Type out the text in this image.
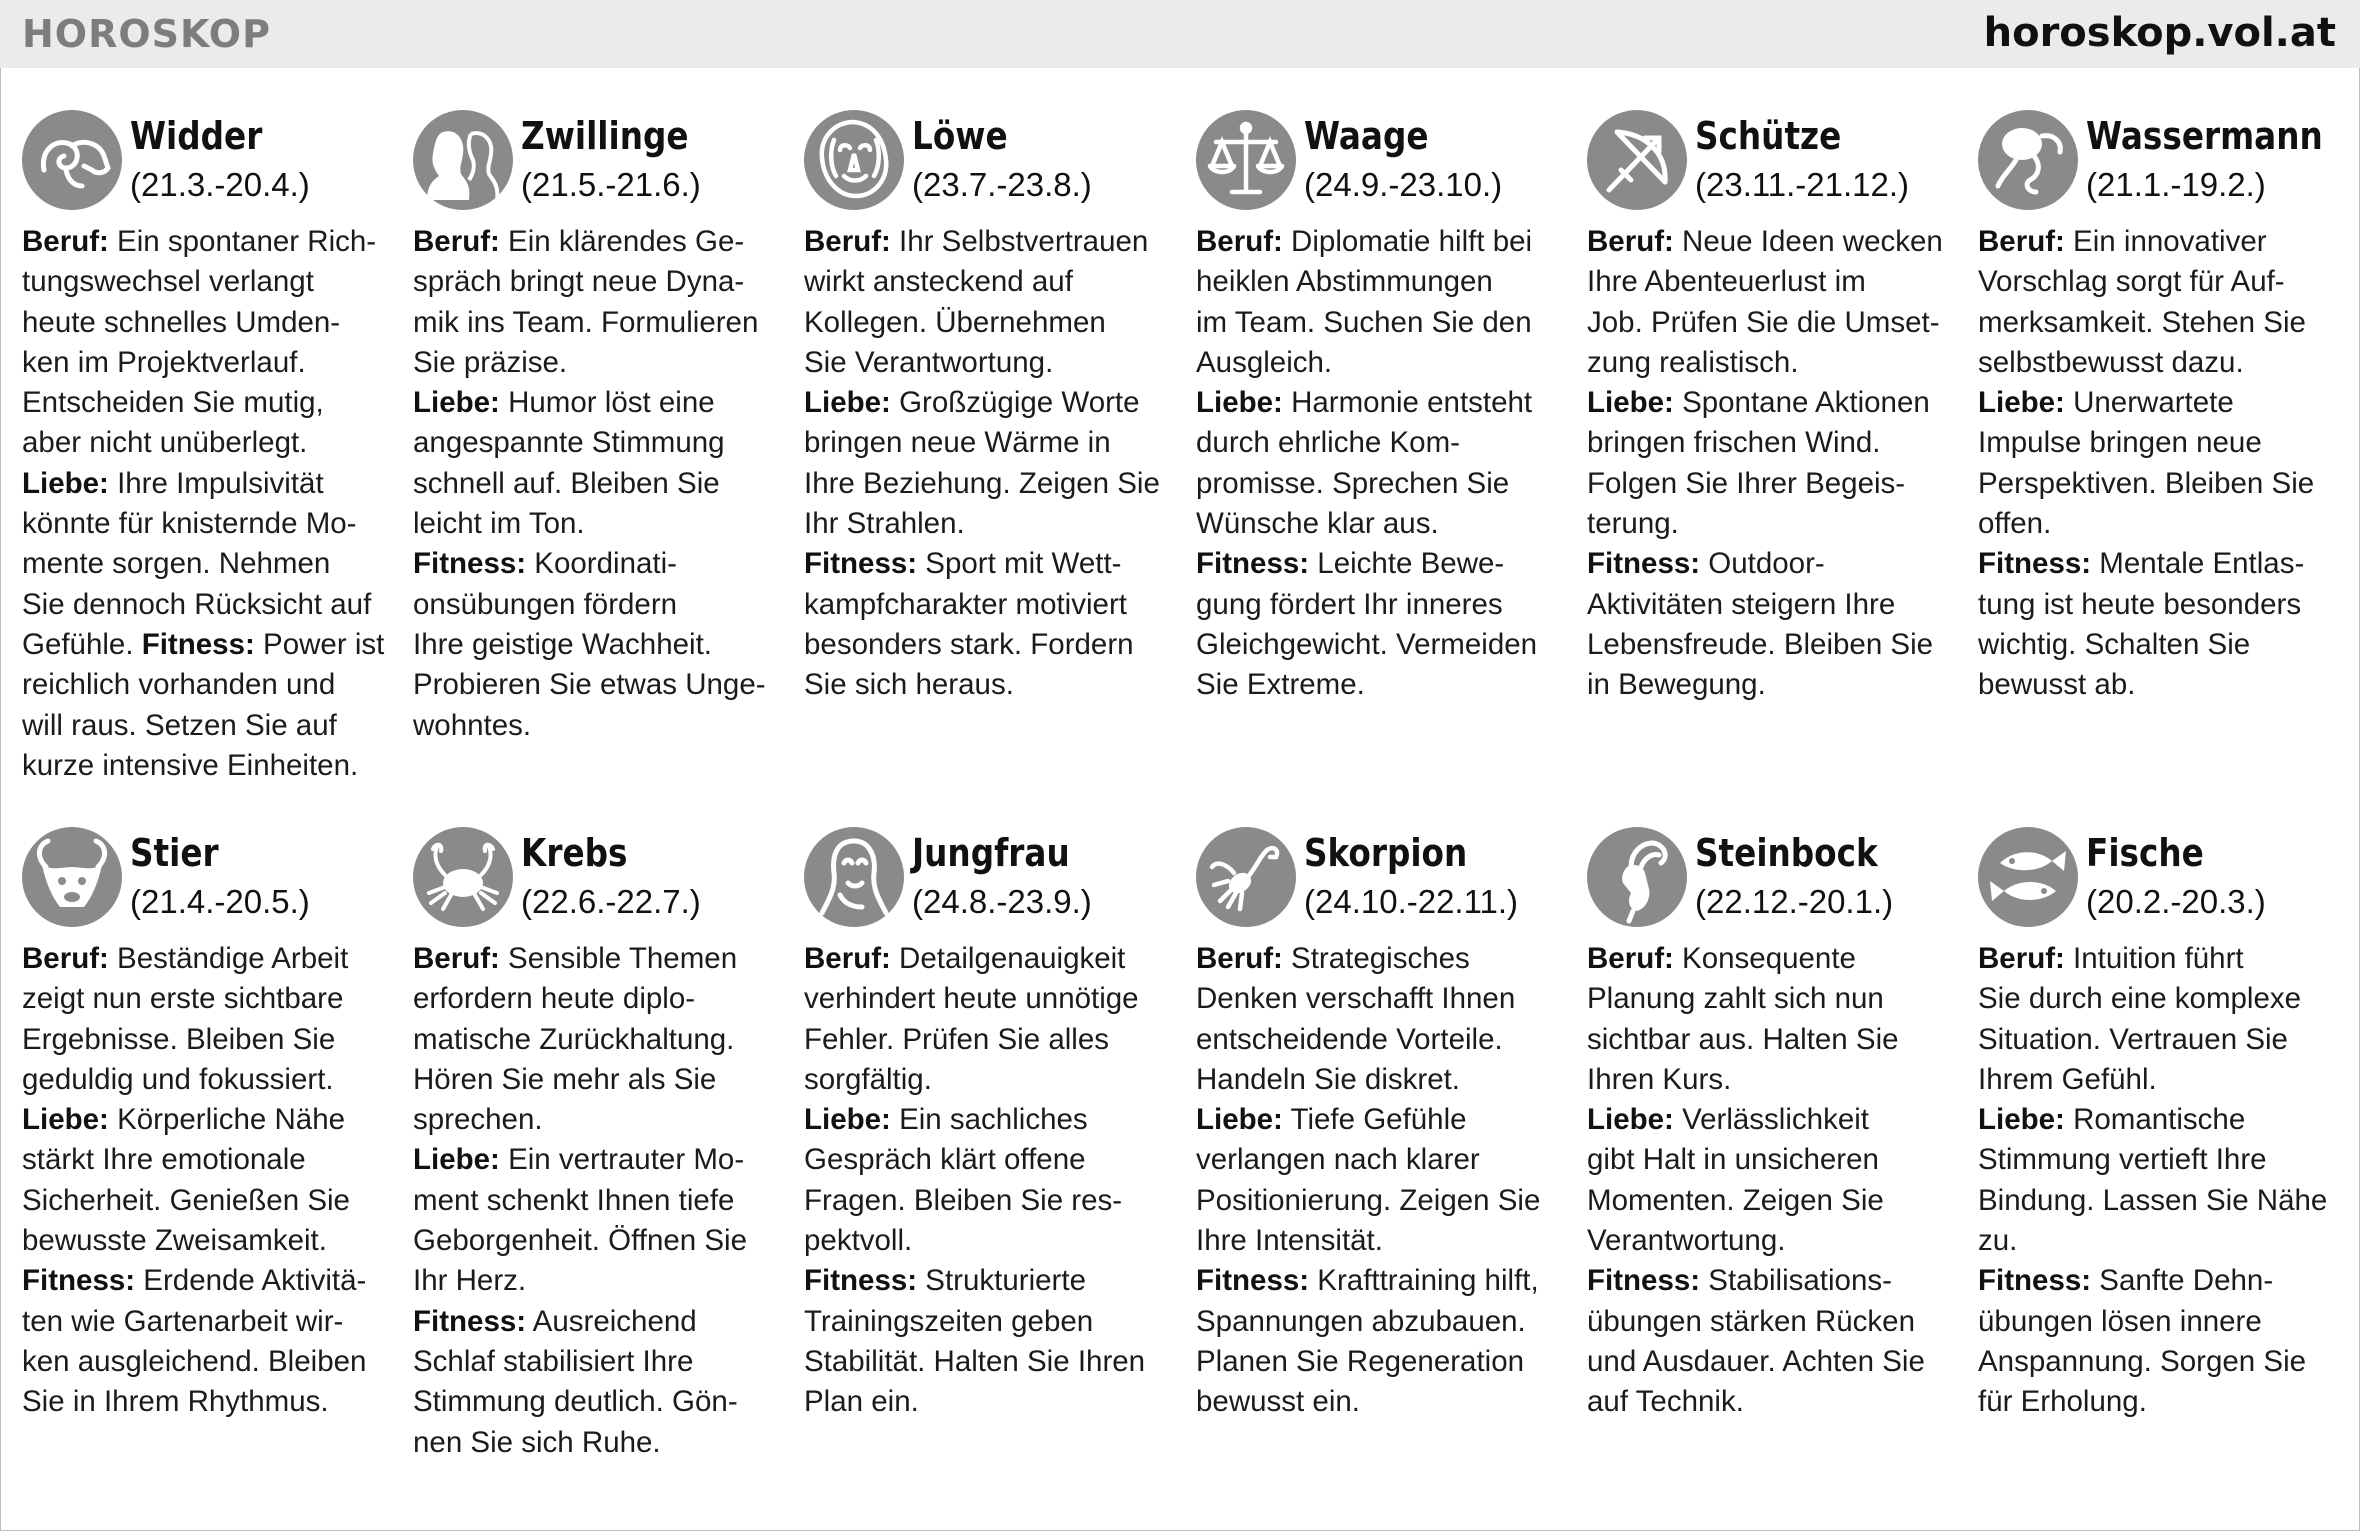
HOROSKOP	horoskop.vol.at
Widder
(21.3.-20.4.)

Beruf: Ein spontaner Rich-
tungswechsel verlangt
heute schnelles Umden-
ken im Projektverlauf.
Entscheiden Sie mutig,
aber nicht unüberlegt.
Liebe: Ihre Impulsivität
könnte für knisternde Mo-
mente sorgen. Nehmen
Sie dennoch Rücksicht auf
Gefühle. Fitness: Power ist
reichlich vorhanden und
will raus. Setzen Sie auf
kurze intensive Einheiten.

Zwillinge
(21.5.-21.6.)

Beruf: Ein klärendes Ge-
spräch bringt neue Dyna-
mik ins Team. Formulieren
Sie präzise.
Liebe: Humor löst eine
angespannte Stimmung
schnell auf. Bleiben Sie
leicht im Ton.
Fitness: Koordinati-
onsübungen fördern
Ihre geistige Wachheit.
Probieren Sie etwas Unge-
wohntes.

Löwe
(23.7.-23.8.)

Beruf: Ihr Selbstvertrauen
wirkt ansteckend auf
Kollegen. Übernehmen
Sie Verantwortung.
Liebe: Großzügige Worte
bringen neue Wärme in
Ihre Beziehung. Zeigen Sie
Ihr Strahlen.
Fitness: Sport mit Wett-
kampfcharakter motiviert
besonders stark. Fordern
Sie sich heraus.

Waage
(24.9.-23.10.)

Beruf: Diplomatie hilft bei
heiklen Abstimmungen
im Team. Suchen Sie den
Ausgleich.
Liebe: Harmonie entsteht
durch ehrliche Kom-
promisse. Sprechen Sie
Wünsche klar aus.
Fitness: Leichte Bewe-
gung fördert Ihr inneres
Gleichgewicht. Vermeiden
Sie Extreme.

Schütze
(23.11.-21.12.)

Beruf: Neue Ideen wecken
Ihre Abenteuerlust im
Job. Prüfen Sie die Umset-
zung realistisch.
Liebe: Spontane Aktionen
bringen frischen Wind.
Folgen Sie Ihrer Begeis-
terung.
Fitness: Outdoor-
Aktivitäten steigern Ihre
Lebensfreude. Bleiben Sie
in Bewegung.

Wassermann
(21.1.-19.2.)

Beruf: Ein innovativer
Vorschlag sorgt für Auf-
merksamkeit. Stehen Sie
selbstbewusst dazu.
Liebe: Unerwartete
Impulse bringen neue
Perspektiven. Bleiben Sie
offen.
Fitness: Mentale Entlas-
tung ist heute besonders
wichtig. Schalten Sie
bewusst ab.

Stier
(21.4.-20.5.)

Beruf: Beständige Arbeit
zeigt nun erste sichtbare
Ergebnisse. Bleiben Sie
geduldig und fokussiert.
Liebe: Körperliche Nähe
stärkt Ihre emotionale
Sicherheit. Genießen Sie
bewusste Zweisamkeit.
Fitness: Erdende Aktivitä-
ten wie Gartenarbeit wir-
ken ausgleichend. Bleiben
Sie in Ihrem Rhythmus.

Krebs
(22.6.-22.7.)

Beruf: Sensible Themen
erfordern heute diplo-
matische Zurückhaltung.
Hören Sie mehr als Sie
sprechen.
Liebe: Ein vertrauter Mo-
ment schenkt Ihnen tiefe
Geborgenheit. Öffnen Sie
Ihr Herz.
Fitness: Ausreichend
Schlaf stabilisiert Ihre
Stimmung deutlich. Gön-
nen Sie sich Ruhe.

Jungfrau
(24.8.-23.9.)

Beruf: Detailgenauigkeit
verhindert heute unnötige
Fehler. Prüfen Sie alles
sorgfältig.
Liebe: Ein sachliches
Gespräch klärt offene
Fragen. Bleiben Sie res-
pektvoll.
Fitness: Strukturierte
Trainingszeiten geben
Stabilität. Halten Sie Ihren
Plan ein.

Skorpion
(24.10.-22.11.)

Beruf: Strategisches
Denken verschafft Ihnen
entscheidende Vorteile.
Handeln Sie diskret.
Liebe: Tiefe Gefühle
verlangen nach klarer
Positionierung. Zeigen Sie
Ihre Intensität.
Fitness: Krafttraining hilft,
Spannungen abzubauen.
Planen Sie Regeneration
bewusst ein.

Steinbock
(22.12.-20.1.)

Beruf: Konsequente
Planung zahlt sich nun
sichtbar aus. Halten Sie
Ihren Kurs.
Liebe: Verlässlichkeit
gibt Halt in unsicheren
Momenten. Zeigen Sie
Verantwortung.
Fitness: Stabilisations-
übungen stärken Rücken
und Ausdauer. Achten Sie
auf Technik.

Fische
(20.2.-20.3.)

Beruf: Intuition führt
Sie durch eine komplexe
Situation. Vertrauen Sie
Ihrem Gefühl.
Liebe: Romantische
Stimmung vertieft Ihre
Bindung. Lassen Sie Nähe
zu.
Fitness: Sanfte Dehn-
übungen lösen innere
Anspannung. Sorgen Sie
für Erholung.
